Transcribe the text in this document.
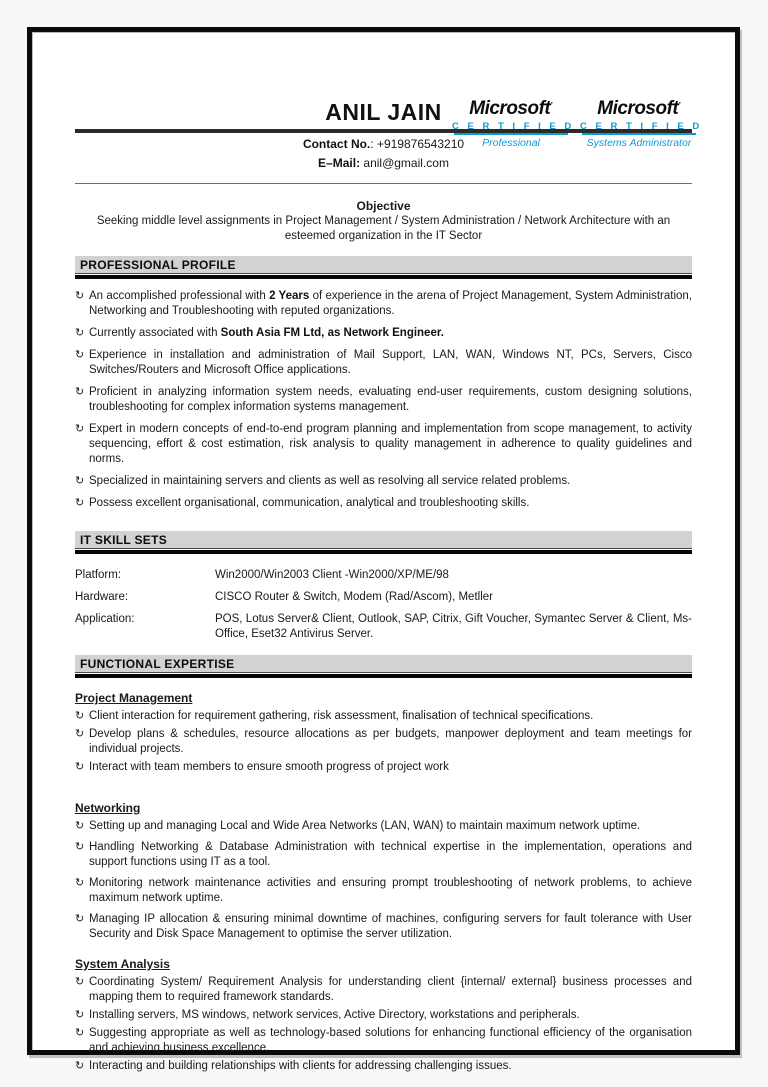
Microsoft·
C E R T I F I E D
Professional
Microsoft·
C E R T I F I E D
Systems Administrator
ANIL JAIN
Contact No.: +919876543210
E–Mail: anil@gmail.com
Objective
Seeking middle level assignments in Project Management / System Administration / Network Architecture with an esteemed organization in the IT Sector
PROFESSIONAL PROFILE
↻ An accomplished professional with 2 Years of experience in the arena of Project Management, System Administration, Networking and Troubleshooting with reputed organizations.
↻ Currently associated with South Asia FM Ltd, as Network Engineer.
↻ Experience in installation and administration of Mail Support, LAN, WAN, Windows NT, PCs, Servers, Cisco Switches/Routers and Microsoft Office applications.
↻ Proficient in analyzing information system needs, evaluating end-user requirements, custom designing solutions, troubleshooting for complex information systems management.
↻ Expert in modern concepts of end-to-end program planning and implementation from scope management, to activity sequencing, effort & cost estimation, risk analysis to quality management in adherence to quality guidelines and norms.
↻ Specialized in maintaining servers and clients as well as resolving all service related problems.
↻ Possess excellent organisational, communication, analytical and troubleshooting skills.
IT SKILL SETS
Platform:	Win2000/Win2003 Client -Win2000/XP/ME/98
Hardware:	CISCO Router & Switch, Modem (Rad/Ascom), Metller
Application:	POS, Lotus Server& Client, Outlook, SAP, Citrix, Gift Voucher, Symantec Server & Client, Ms-Office, Eset32 Antivirus Server.
FUNCTIONAL EXPERTISE
Project Management
↻ Client interaction for requirement gathering, risk assessment, finalisation of technical specifications.
↻ Develop plans & schedules, resource allocations as per budgets, manpower deployment and team meetings for individual projects.
↻ Interact with team members to ensure smooth progress of project work
Networking
↻ Setting up and managing Local and Wide Area Networks (LAN, WAN) to maintain maximum network uptime.
↻ Handling Networking & Database Administration with technical expertise in the implementation, operations and support functions using IT as a tool.
↻ Monitoring network maintenance activities and ensuring prompt troubleshooting of network problems, to achieve maximum network uptime.
↻ Managing IP allocation & ensuring minimal downtime of machines, configuring servers for fault tolerance with User Security and Disk Space Management to optimise the server utilization.
System Analysis
↻ Coordinating System/ Requirement Analysis for understanding client {internal/ external} business processes and mapping them to required framework standards.
↻ Installing servers, MS windows, network services, Active Directory, workstations and peripherals.
↻ Suggesting appropriate as well as technology-based solutions for enhancing functional efficiency of the organisation and achieving business excellence.
↻ Interacting and building relationships with clients for addressing challenging issues.
